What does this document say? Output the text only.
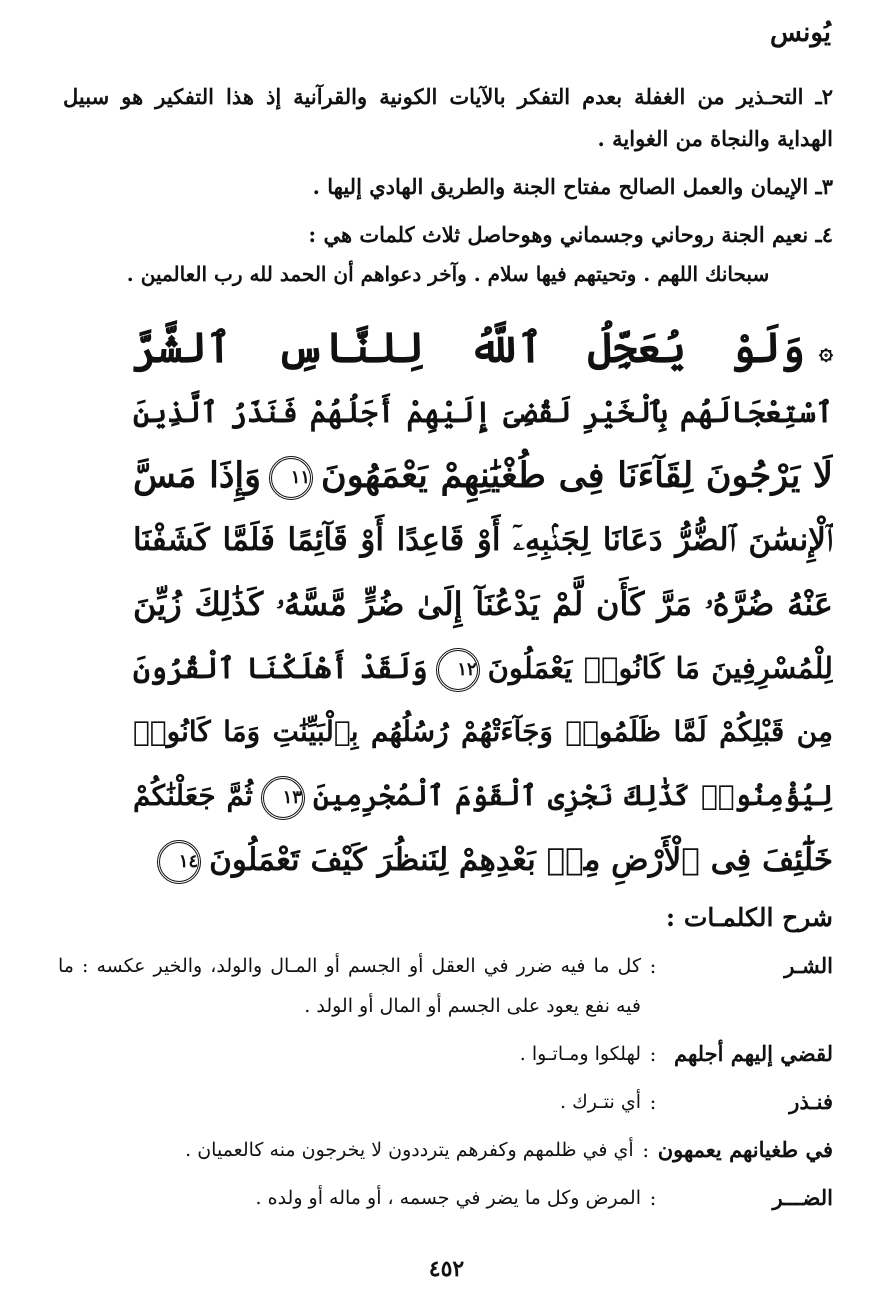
يُونس

٢ـ التحـذير من الغفلة بعدم التفكر بالآيات الكونية والقرآنية إذ هذا التفكير هو سبيل الهداية والنجاة من الغواية .

٣ـ الإيمان والعمل الصالح مفتاح الجنة والطريق الهادي إليها .

٤ـ نعيم الجنة روحاني وجسماني وهوحاصل ثلاث كلمات هي :

سبحانك اللهم . وتحيتهم فيها سلام . وآخر دعواهم أن الحمد لله رب العالمين .
۞وَلَوْ يُعَجِّلُ ٱللَّهُ لِلنَّاسِ ٱلشَّرَّ
ٱسْتِعْجَالَهُم بِٱلْخَيْرِ لَقُضِىَ إِلَيْهِمْ أَجَلُهُمْ فَنَذَرُ ٱلَّذِينَ
لَا يَرْجُونَ لِقَآءَنَا فِى طُغْيَٰنِهِمْ يَعْمَهُونَ١١وَإِذَا مَسَّ
ٱلْإِنسَٰنَ ٱلضُّرُّ دَعَانَا لِجَنۢبِهِۦٓ أَوْ قَاعِدًا أَوْ قَآئِمًا فَلَمَّا كَشَفْنَا
عَنْهُ ضُرَّهُۥ مَرَّ كَأَن لَّمْ يَدْعُنَآ إِلَىٰ ضُرٍّ مَّسَّهُۥ كَذَٰلِكَ زُيِّنَ
لِلْمُسْرِفِينَ مَا كَانُوا۟ يَعْمَلُونَ١٢وَلَقَدْ أَهْلَكْنَا ٱلْقُرُونَ
مِن قَبْلِكُمْ لَمَّا ظَلَمُوا۟ وَجَآءَتْهُمْ رُسُلُهُم بِٱلْبَيِّنَٰتِ وَمَا كَانُوا۟
لِيُؤْمِنُوا۟ كَذَٰلِكَ نَجْزِى ٱلْقَوْمَ ٱلْمُجْرِمِينَ١٣ثُمَّ جَعَلْنَٰكُمْ
خَلَٰٓئِفَ فِى ٱلْأَرْضِ مِنۢ بَعْدِهِمْ لِنَنظُرَ كَيْفَ تَعْمَلُونَ١٤
شرح الكلمـات :
الشـر
:
كل ما فيه ضرر في العقل أو الجسم أو المـال والولد، والخير عكسه : ما فيه نفع يعود على الجسم أو المال أو الولد .
لقضي إليهم أجلهم
:
لهلكوا ومـاتـوا .
فنـذر
:
أي نتـرك .
في طغيانهم يعمهون
:
أي في ظلمهم وكفرهم يترددون لا يخرجون منه كالعميان .
الضـــر
:
المرض وكل ما يضر في جسمه ، أو ماله أو ولده .
٤٥٢
